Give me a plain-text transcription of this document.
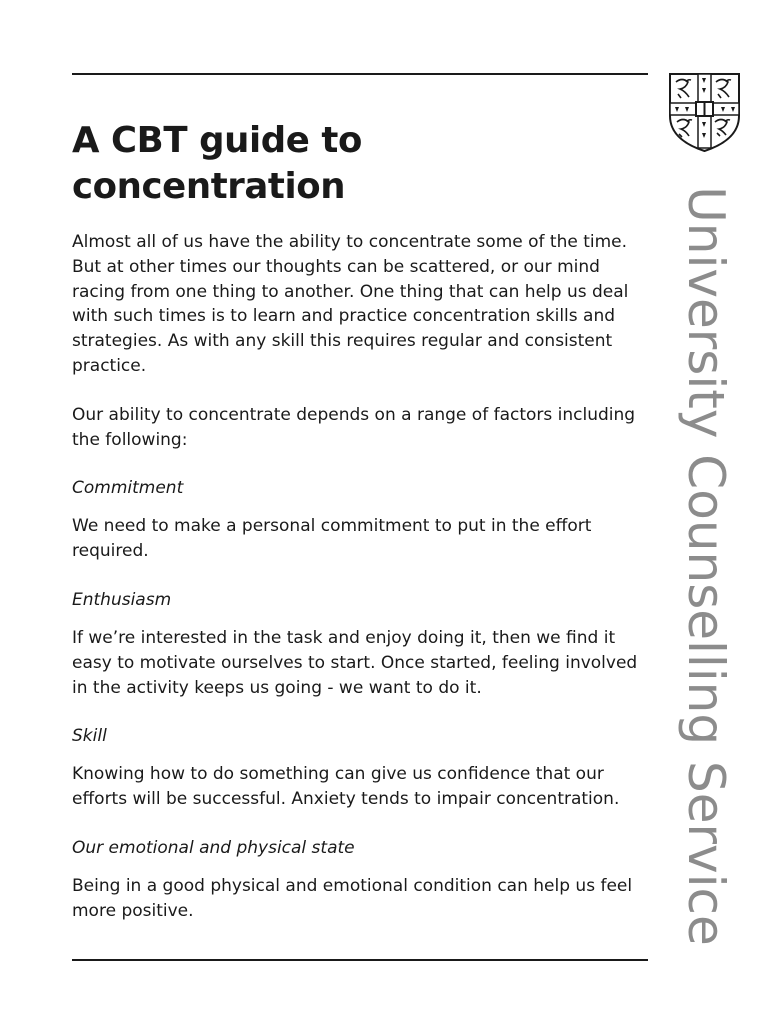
A CBT guide to concentration

Almost all of us have the ability to concentrate some of the time. But at other times our thoughts can be scattered, or our mind racing from one thing to another. One thing that can help us deal with such times is to learn and practice concentration skills and strategies. As with any skill this requires regular and consistent practice.

Our ability to concentrate depends on a range of factors including the following:

Commitment

We need to make a personal commitment to put in the effort required.

Enthusiasm

If we’re interested in the task and enjoy doing it, then we find it easy to motivate ourselves to start. Once started, feeling involved in the activity keeps us going - we want to do it.

Skill

Knowing how to do something can give us confidence that our efforts will be successful. Anxiety tends to impair concentration.

Our emotional and physical state

Being in a good physical and emotional condition can help us feel more positive.	University Counselling Service
